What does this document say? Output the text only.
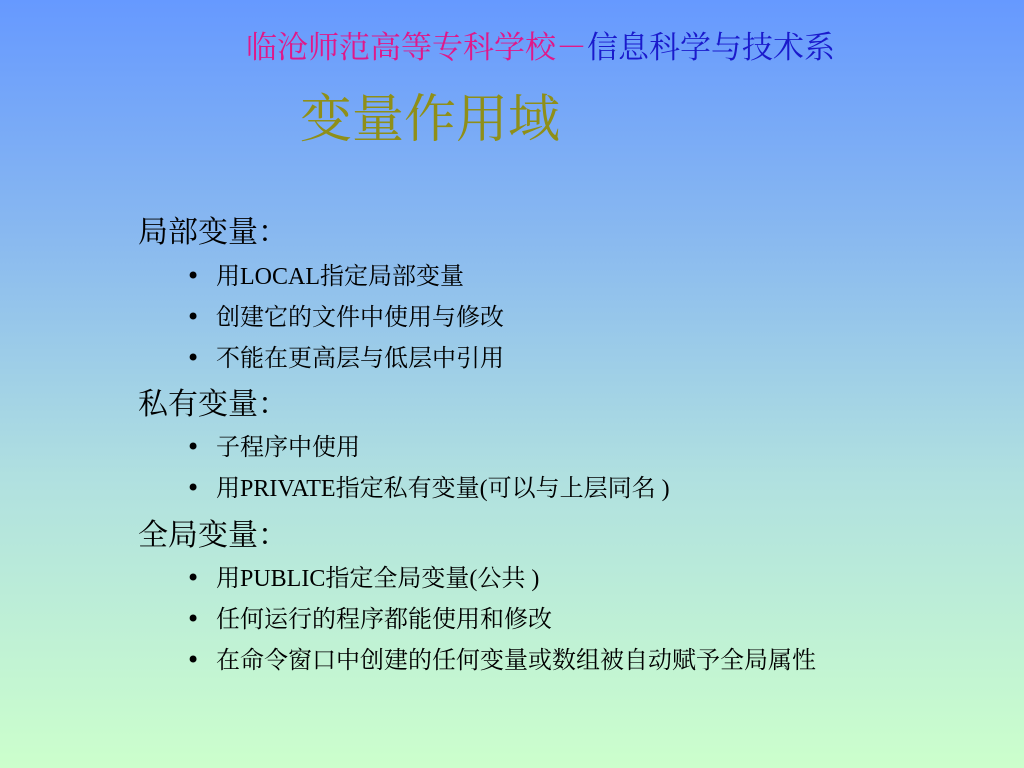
临沧师范高等专科学校－信息科学与技术系
变量作用域
局部变量：
• 用LOCAL指定局部变量
• 创建它的文件中使用与修改
• 不能在更高层与低层中引用
私有变量：
• 子程序中使用
• 用PRIVATE指定私有变量(可以与上层同名 )
全局变量：
• 用PUBLIC指定全局变量(公共 )
• 任何运行的程序都能使用和修改
• 在命令窗口中创建的任何变量或数组被自动赋予全局属性
